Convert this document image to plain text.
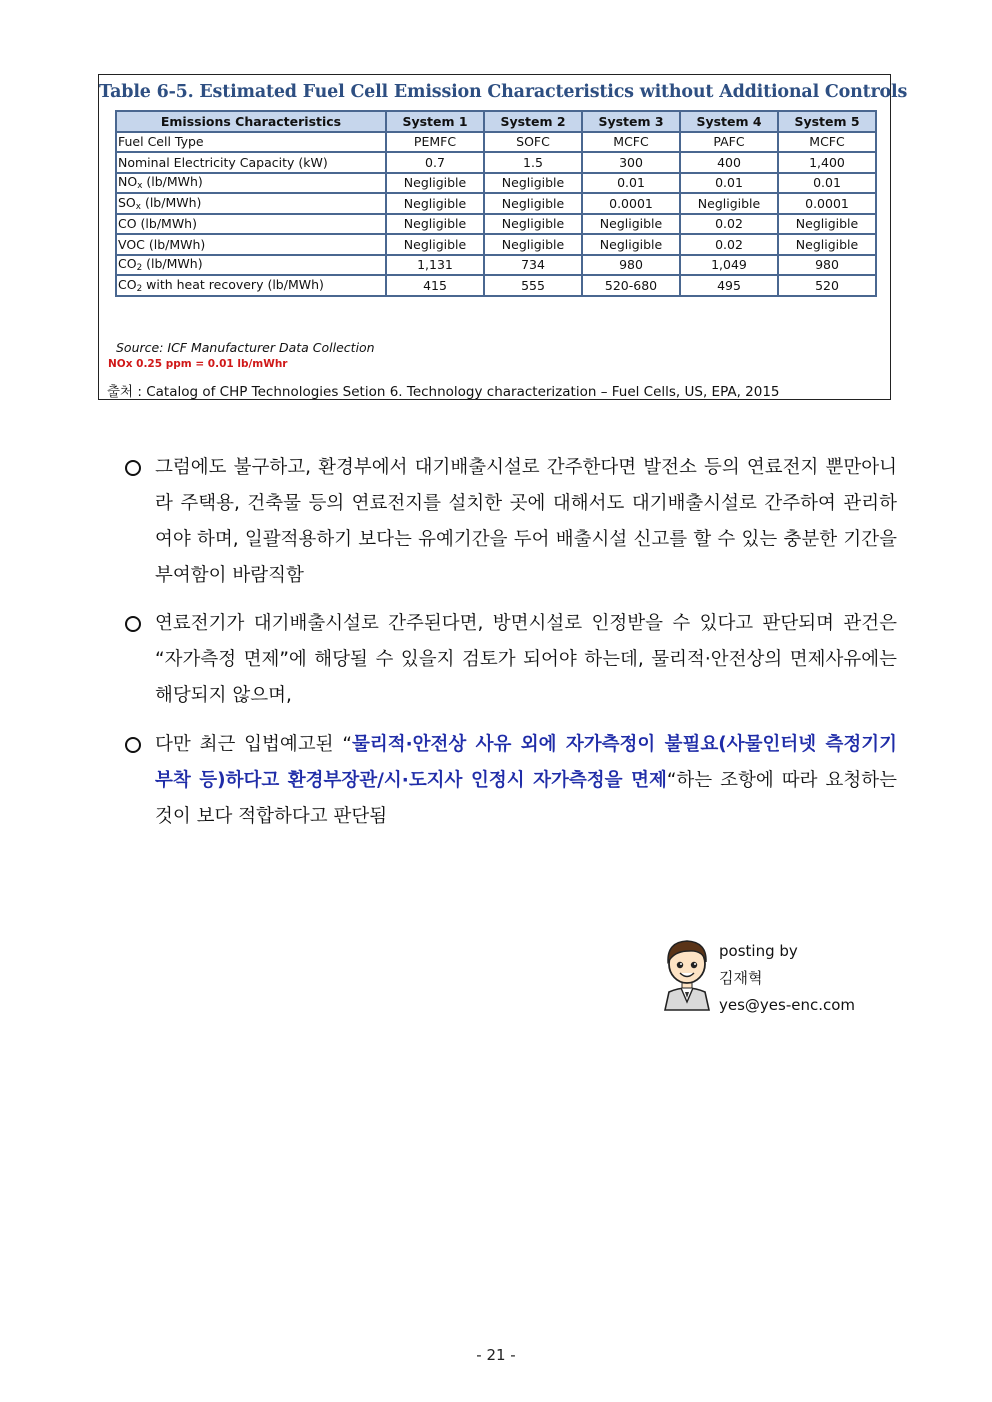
Table 6-5. Estimated Fuel Cell Emission Characteristics without Additional Controls
Emissions Characteristics	System 1	System 2	System 3	System 4	System 5
Fuel Cell Type	PEMFC	SOFC	MCFC	PAFC	MCFC
Nominal Electricity Capacity (kW)	0.7	1.5	300	400	1,400
$NO_x$ (lb/MWh)	Negligible	Negligible	0.01	0.01	0.01
$SO_x$ (lb/MWh)	Negligible	Negligible	0.0001	Negligible	0.0001
CO (lb/MWh)	Negligible	Negligible	Negligible	0.02	Negligible
VOC (lb/MWh)	Negligible	Negligible	Negligible	0.02	Negligible
$CO_2$ (lb/MWh)	1,131	734	980	1,049	980
$CO_2$ with heat recovery (lb/MWh)	415	555	520-680	495	520
Source: ICF Manufacturer Data Collection
NOx 0.25 ppm = 0.01 lb/mWhr
출처 : Catalog of CHP Technologies Setion 6. Technology characterization – Fuel Cells, US, EPA, 2015
그럼에도 불구하고, 환경부에서 대기배출시설로 간주한다면 발전소 등의 연료전지 뿐만아니라 주택용, 건축물 등의 연료전지를 설치한 곳에 대해서도 대기배출시설로 간주하여 관리하여야 하며, 일괄적용하기 보다는 유예기간을 두어 배출시설 신고를 할 수 있는 충분한 기간을 부여함이 바람직함
연료전기가 대기배출시설로 간주된다면, 방면시설로 인정받을 수 있다고 판단되며 관건은 “자가측정 면제”에 해당될 수 있을지 검토가 되어야 하는데, 물리적·안전상의 면제사유에는 해당되지 않으며,
다만 최근 입법예고된 “물리적·안전상 사유 외에 자가측정이 불필요(사물인터넷 측정기기 부착 등)하다고 환경부장관/시·도지사 인정시 자가측정을 면제“하는 조항에 따라 요청하는 것이 보다 적합하다고 판단됨
posting by
김재혁
yes@yes-enc.com
- 21 -
